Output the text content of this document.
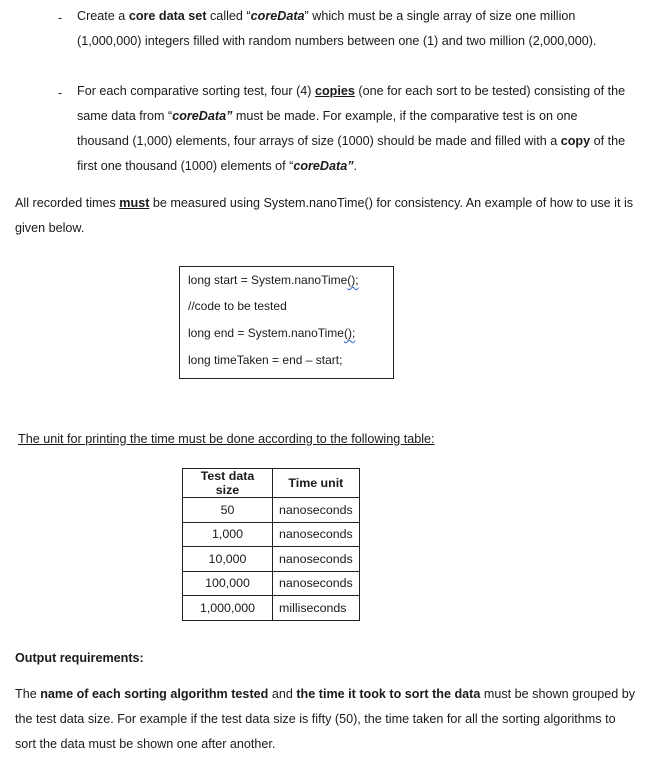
- Create a core data set called “coreData” which must be a single array of size one million
(1,000,000) integers filled with random numbers between one (1) and two million (2,000,000).
- For each comparative sorting test, four (4) copies (one for each sort to be tested) consisting of the
same data from “coreData” must be made. For example, if the comparative test is on one
thousand (1,000) elements, four arrays of size (1000) should be made and filled with a copy of the
first one thousand (1000) elements of “coreData”.
All recorded times must be measured using System.nanoTime() for consistency. An example of how to use it is
given below.
long start = System.nanoTime();
//code to be tested
long end = System.nanoTime();
long timeTaken = end – start;
The unit for printing the time must be done according to the following table:
Test data size	Time unit
50	nanoseconds
1,000	nanoseconds
10,000	nanoseconds
100,000	nanoseconds
1,000,000	milliseconds
Output requirements:
The name of each sorting algorithm tested and the time it took to sort the data must be shown grouped by
the test data size. For example if the test data size is fifty (50), the time taken for all the sorting algorithms to
sort the data must be shown one after another.
